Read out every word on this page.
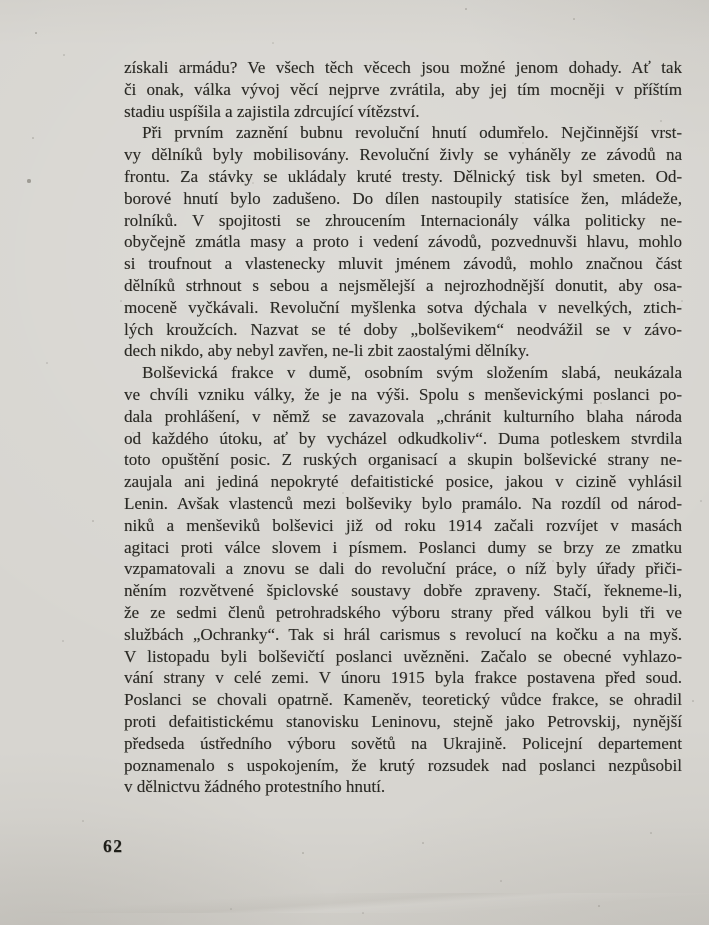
získali armádu? Ve všech těch věcech jsou možné jenom dohady. Ať tak
či onak, válka vývoj věcí nejprve zvrátila, aby jej tím mocněji v příštím
stadiu uspíšila a zajistila zdrcující vítězství.
Při prvním zaznění bubnu revoluční hnutí odumřelo. Nejčinnější vrst-
vy dělníků byly mobilisovány. Revoluční živly se vyháněly ze závodů na
frontu. Za stávky se ukládaly kruté tresty. Dělnický tisk byl smeten. Od-
borové hnutí bylo zadušeno. Do dílen nastoupily statisíce žen, mládeže,
rolníků. V spojitosti se zhroucením Internacionály válka politicky ne-
obyčejně zmátla masy a proto i vedení závodů, pozvednuvši hlavu, mohlo
si troufnout a vlastenecky mluvit jménem závodů, mohlo značnou část
dělníků strhnout s sebou a nejsmělejší a nejrozhodnější donutit, aby osa-
moceně vyčkávali. Revoluční myšlenka sotva dýchala v nevelkých, ztich-
lých kroužcích. Nazvat se té doby „bolševikem“ neodvážil se v závo-
dech nikdo, aby nebyl zavřen, ne-li zbit zaostalými dělníky.
Bolševická frakce v dumě, osobním svým složením slabá, neukázala
ve chvíli vzniku války, že je na výši. Spolu s menševickými poslanci po-
dala prohlášení, v němž se zavazovala „chránit kulturního blaha národa
od každého útoku, ať by vycházel odkudkoliv“. Duma potleskem stvrdila
toto opuštění posic. Z ruských organisací a skupin bolševické strany ne-
zaujala ani jediná nepokryté defaitistické posice, jakou v cizině vyhlásil
Lenin. Avšak vlastenců mezi bolševiky bylo pramálo. Na rozdíl od národ-
niků a menševiků bolševici již od roku 1914 začali rozvíjet v masách
agitaci proti válce slovem i písmem. Poslanci dumy se brzy ze zmatku
vzpamatovali a znovu se dali do revoluční práce, o níž byly úřady přiči-
něním rozvětvené špiclovské soustavy dobře zpraveny. Stačí, řekneme-li,
že ze sedmi členů petrohradského výboru strany před válkou byli tři ve
službách „Ochranky“. Tak si hrál carismus s revolucí na kočku a na myš.
V listopadu byli bolševičtí poslanci uvězněni. Začalo se obecné vyhlazo-
vání strany v celé zemi. V únoru 1915 byla frakce postavena před soud.
Poslanci se chovali opatrně. Kameněv, teoretický vůdce frakce, se ohradil
proti defaitistickému stanovisku Leninovu, stejně jako Petrovskij, nynější
předseda ústředního výboru sovětů na Ukrajině. Policejní departement
poznamenalo s uspokojením, že krutý rozsudek nad poslanci nezpůsobil
v dělnictvu žádného protestního hnutí.
62
